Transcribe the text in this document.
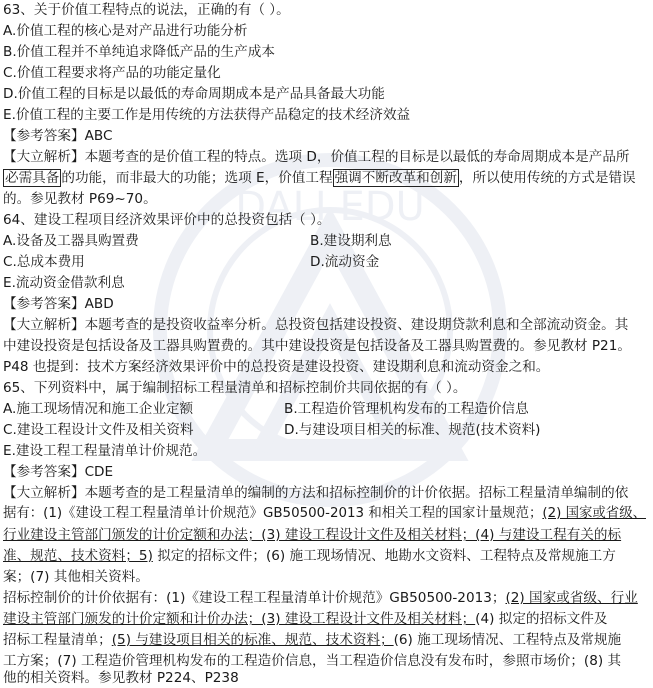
DALI EDU
63、关于价值工程特点的说法，正确的有（ ）。
A.价值工程的核心是对产品进行功能分析
B.价值工程并不单纯追求降低产品的生产成本
C.价值工程要求将产品的功能定量化
D.价值工程的目标是以最低的寿命周期成本是产品具备最大功能
E.价值工程的主要工作是用传统的方法获得产品稳定的技术经济效益
【参考答案】ABC
【大立解析】本题考查的是价值工程的特点。选项 D，价值工程的目标是以最低的寿命周期成本是产品所
必需具备 的功能，而非最大的功能；选项 E，价值工程 强调不断改革和创新 ，所以使用传统的方式是错误
的。参见教材 P69~70。
64、建设工程项目经济效果评价中的总投资包括（ ）。
A.设备及工器具购置费	B.建设期利息
C.总成本费用	D.流动资金
E.流动资金借款利息
【参考答案】ABD
【大立解析】本题考查的是投资收益率分析。总投资包括建设投资、建设期贷款利息和全部流动资金。其
中建设投资是包括设备及工器具购置费的。其中建设投资是包括设备及工器具购置费的。参见教材 P21。
P48 也提到：技术方案经济效果评价中的总投资是建设投资、建设期利息和流动资金之和。
65、下列资料中，属于编制招标工程量清单和招标控制价共同依据的有（ ）。
A.施工现场情况和施工企业定额	B.工程造价管理机构发布的工程造价信息
C.建设工程设计文件及相关资料	D.与建设项目相关的标准、规范(技术资料)
E.建设工程工程量清单计价规范。
【参考答案】CDE
【大立解析】本题考查的是工程量清单的编制的方法和招标控制价的计价依据。招标工程量清单编制的依
据有：(1)《建设工程工程量清单计价规范》GB50500-2013 和相关工程的国家计量规范；(2) 国家或省级、
行业建设主管部门颁发的计价定额和办法；(3) 建设工程设计文件及相关材料；(4) 与建设工程有关的标
准、规范、技术资料；5) 拟定的招标文件；(6) 施工现场情况、地勘水文资料、工程特点及常规施工方
案；(7) 其他相关资料。
招标控制价的计价依据有：(1)《建设工程工程量清单计价规范》GB50500-2013；(2) 国家或省级、行业
建设主管部门颁发的计价定额和计价办法；(3) 建设工程设计文件及相关材料；(4) 拟定的招标文件及
招标工程量清单；(5) 与建设项目相关的标准、规范、技术资料；(6) 施工现场情况、工程特点及常规施
工方案；(7) 工程造价管理机构发布的工程造价信息，当工程造价信息没有发布时，参照市场价；(8) 其
他的相关资料。参见教材 P224、P238
